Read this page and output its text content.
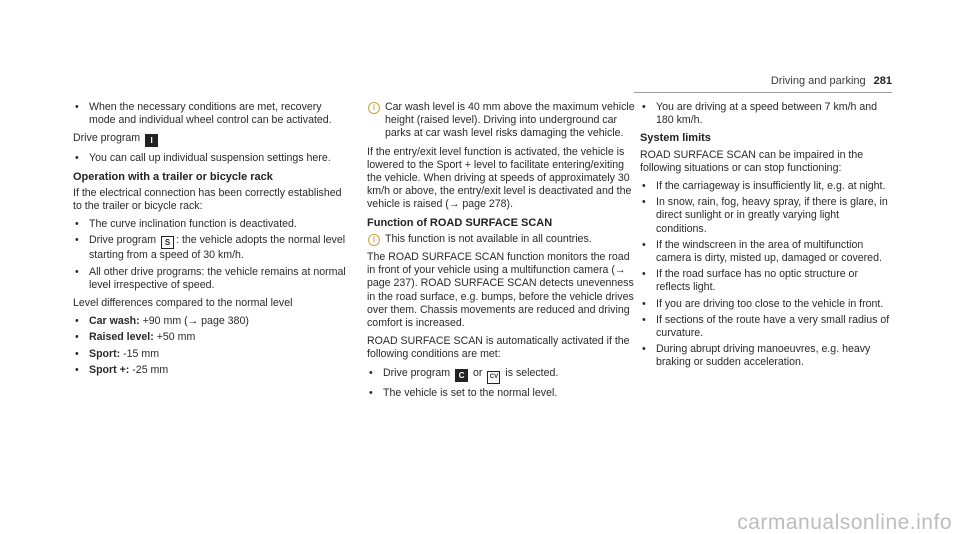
Driving and parking 281
• When the necessary conditions are met, recovery mode and individual wheel control can be activated.

Drive program I

• You can call up individual suspension settings here.
Operation with a trailer or bicycle rack

If the electrical connection has been correctly established to the trailer or bicycle rack:

• The curve inclination function is deactivated.
• Drive program S : the vehicle adopts the normal level starting from a speed of 30 km/h.
• All other drive programs: the vehicle remains at normal level irrespective of speed.

Level differences compared to the normal level

• Car wash: +90 mm (→ page 380)
• Raised level: +50 mm
• Sport: -15 mm
• Sport +: -25 mm
i Car wash level is 40 mm above the maximum vehicle height (raised level). Driving into underground car parks at car wash level risks damaging the vehicle.

If the entry/exit level function is activated, the vehicle is lowered to the Sport + level to facilitate entering/exiting the vehicle. When driving at speeds of approximately 30 km/h or above, the entry/exit level is deactivated and the vehicle is raised (→ page 278).

Function of ROAD SURFACE SCAN
i This function is not available in all countries.

The ROAD SURFACE SCAN function monitors the road in front of your vehicle using a multifunction camera (→ page 237). ROAD SURFACE SCAN detects unevenness in the road surface, e.g. bumps, before the vehicle drives over them. Chassis movements are reduced and driving comfort is increased.

ROAD SURFACE SCAN is automatically activated if the following conditions are met:

• Drive program C or CV is selected.
• The vehicle is set to the normal level.
• You are driving at a speed between 7 km/h and 180 km/h.
System limits

ROAD SURFACE SCAN can be impaired in the following situations or can stop functioning:

• If the carriageway is insufficiently lit, e.g. at night.
• In snow, rain, fog, heavy spray, if there is glare, in direct sunlight or in greatly varying light conditions.
• If the windscreen in the area of multifunction camera is dirty, misted up, damaged or covered.
• If the road surface has no optic structure or reflects light.
• If you are driving too close to the vehicle in front.
• If sections of the route have a very small radius of curvature.
• During abrupt driving manoeuvres, e.g. heavy braking or sudden acceleration.
carmanualsonline.info
